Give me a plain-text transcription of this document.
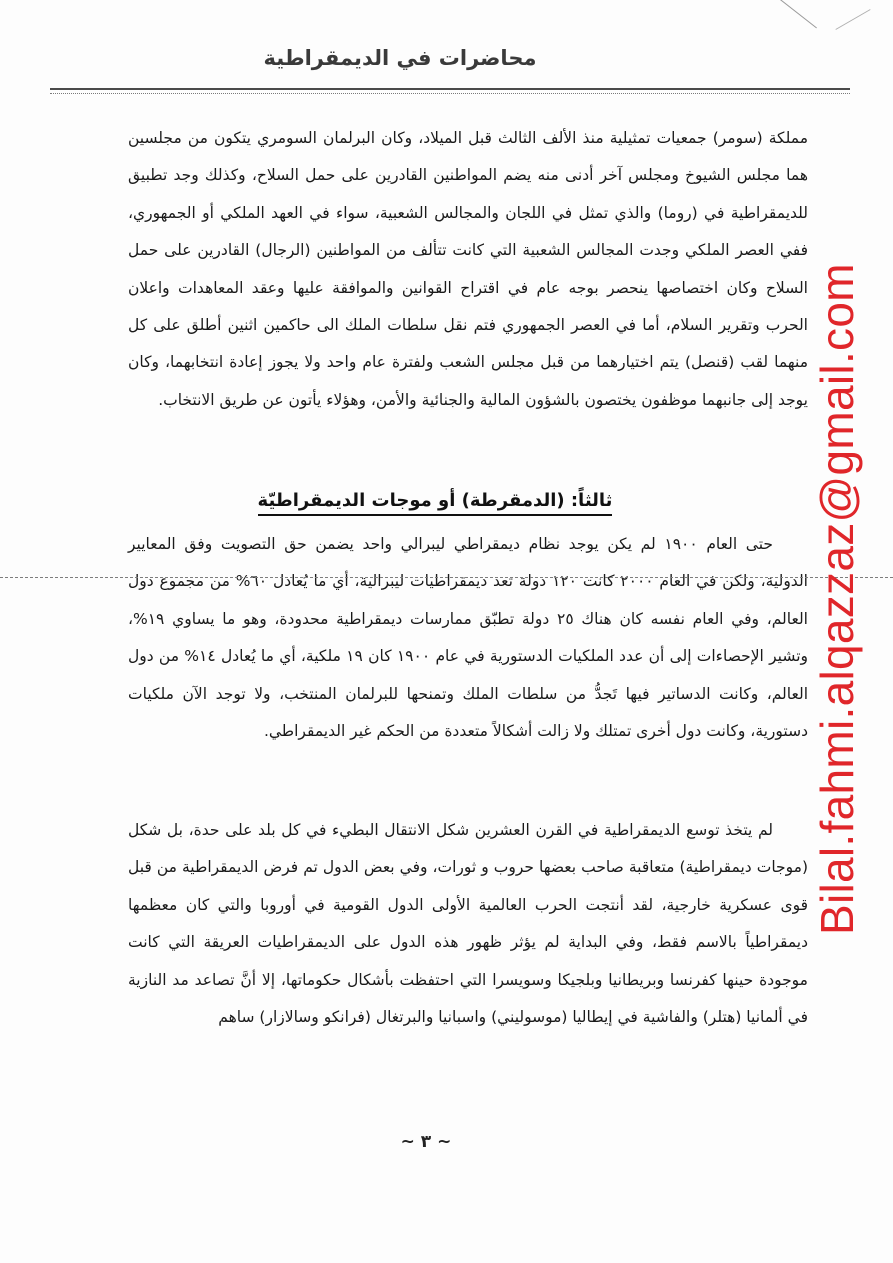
محاضرات في الديمقراطية

مملكة (سومر) جمعيات تمثيلية منذ الألف الثالث قبل الميلاد، وكان البرلمان السومري يتكون من مجلسين هما مجلس الشيوخ ومجلس آخر أدنى منه يضم المواطنين القادرين على حمل السلاح، وكذلك وجد تطبيق للديمقراطية في (روما) والذي تمثل في اللجان والمجالس الشعبية، سواء في العهد الملكي أو الجمهوري، ففي العصر الملكي وجدت المجالس الشعبية التي كانت تتألف من المواطنين (الرجال) القادرين على حمل السلاح وكان اختصاصها ينحصر بوجه عام في اقتراح القوانين والموافقة عليها وعقد المعاهدات واعلان الحرب وتقرير السلام، أما في العصر الجمهوري فتم نقل سلطات الملك الى حاكمين اثنين أطلق على كل منهما لقب (قنصل) يتم اختيارهما من قبل مجلس الشعب ولفترة عام واحد ولا يجوز إعادة انتخابهما، وكان يوجد إلى جانبهما موظفون يختصون بالشؤون المالية والجنائية والأمن، وهؤلاء يأتون عن طريق الانتخاب.

ثالثاً: (الدمقرطة) أو موجات الديمقراطيّة

حتى العام ١٩٠٠ لم يكن يوجد نظام ديمقراطي ليبرالي واحد يضمن حق التصويت وفق المعايير الدولية، ولكن في العام ٢٠٠٠ كانت ١٢٠ دولة تعد ديمقراطيات ليبرالية، أي ما يُعادل ٦٠% من مجموع دول العالم، وفي العام نفسه كان هناك ٢٥ دولة تطبّق ممارسات ديمقراطية محدودة، وهو ما يساوي ١٩%، وتشير الإحصاءات إلى أن عدد الملكيات الدستورية في عام ١٩٠٠ كان ١٩ ملكية، أي ما يُعادل ١٤% من دول العالم، وكانت الدساتير فيها تَجدُّ من سلطات الملك وتمنحها للبرلمان المنتخب، ولا توجد الآن ملكيات دستورية، وكانت دول أخرى تمتلك ولا زالت أشكالاً متعددة من الحكم غير الديمقراطي.

لم يتخذ توسع الديمقراطية في القرن العشرين شكل الانتقال البطيء في كل بلد على حدة، بل شكل (موجات ديمقراطية) متعاقبة صاحب بعضها حروب و ثورات، وفي بعض الدول تم فرض الديمقراطية من قبل قوى عسكرية خارجية، لقد أنتجت الحرب العالمية الأولى الدول القومية في أوروبا والتي كان معظمها ديمقراطياً بالاسم فقط، وفي البداية لم يؤثر ظهور هذه الدول على الديمقراطيات العريقة التي كانت موجودة حينها كفرنسا وبريطانيا وبلجيكا وسويسرا التي احتفظت بأشكال حكوماتها، إلا أنَّ تصاعد مد النازية في ألمانيا (هتلر) والفاشية في إيطاليا (موسوليني) واسبانيا والبرتغال (فرانكو وسالازار) ساهم

Bilal.fahmi.alqazzaz@gmail.com
~ ٣ ~
